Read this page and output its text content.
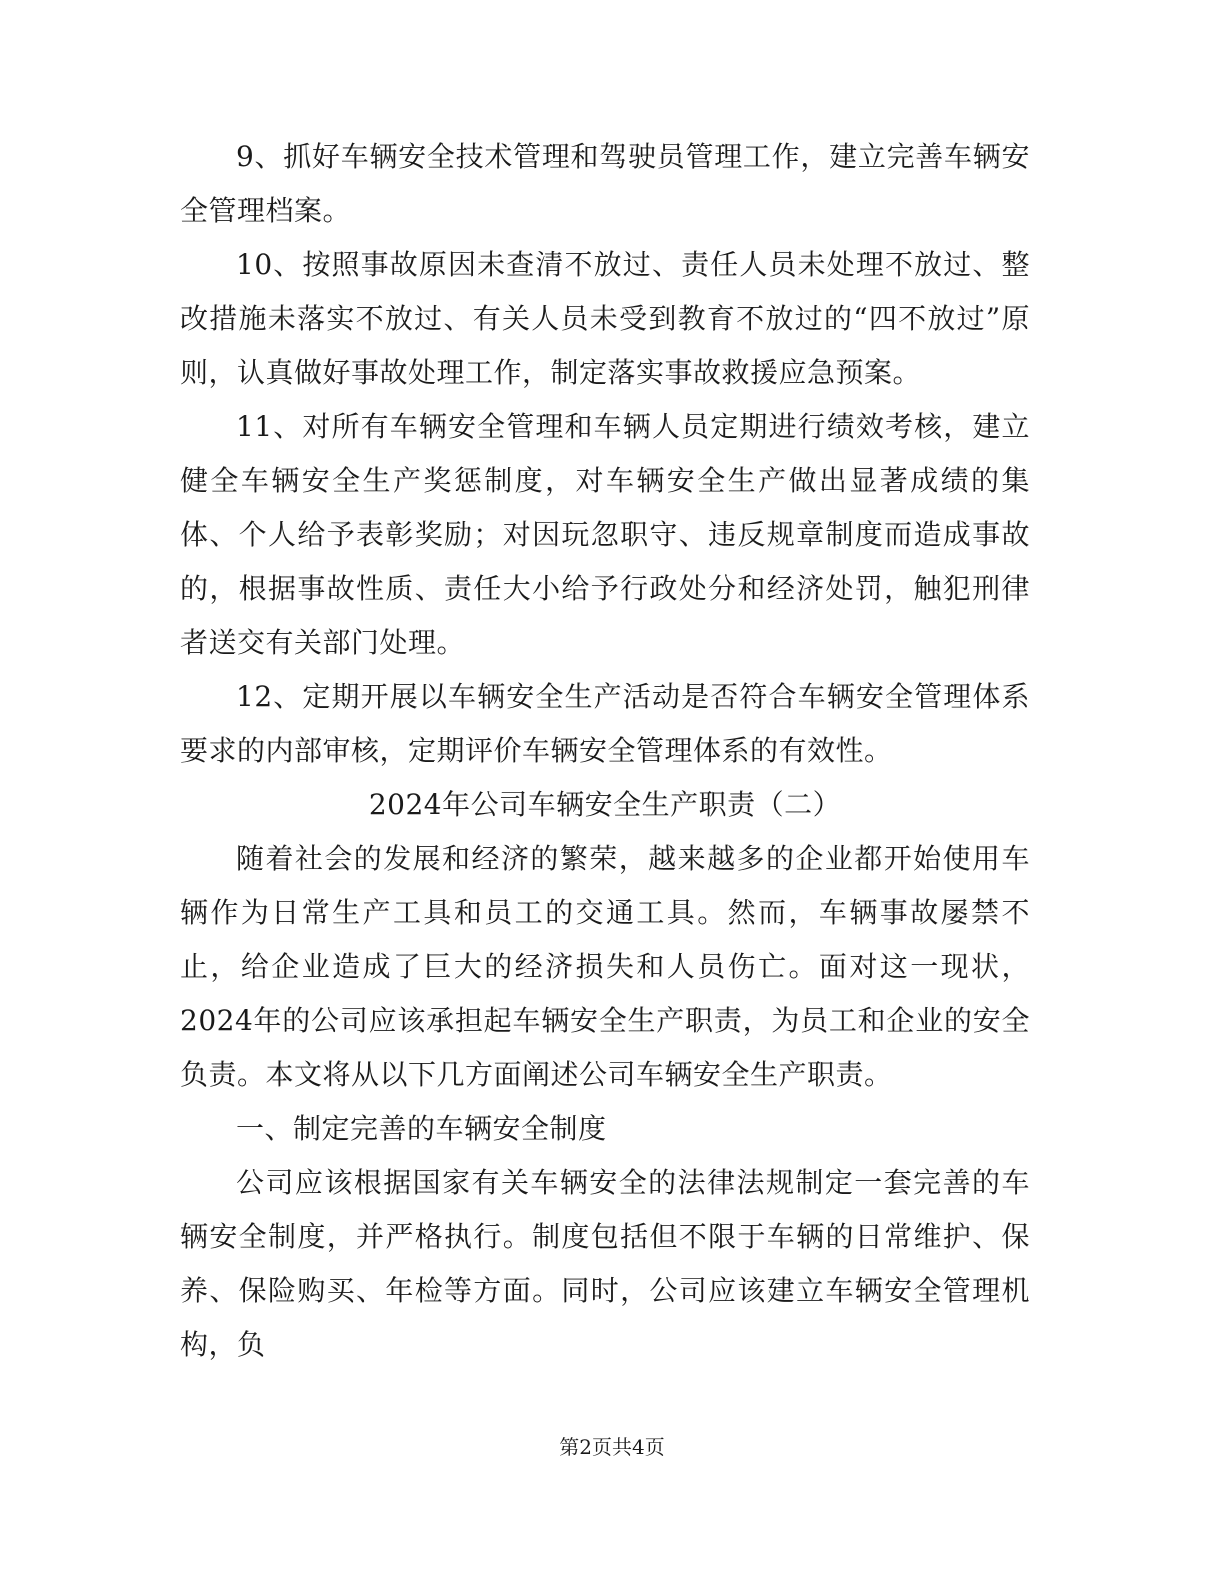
9、抓好车辆安全技术管理和驾驶员管理工作，建立完善车辆安全管理档案。

10、按照事故原因未查清不放过、责任人员未处理不放过、整改措施未落实不放过、有关人员未受到教育不放过的“四不放过”原则，认真做好事故处理工作，制定落实事故救援应急预案。

11、对所有车辆安全管理和车辆人员定期进行绩效考核，建立健全车辆安全生产奖惩制度，对车辆安全生产做出显著成绩的集体、个人给予表彰奖励；对因玩忽职守、违反规章制度而造成事故的，根据事故性质、责任大小给予行政处分和经济处罚，触犯刑律者送交有关部门处理。

12、定期开展以车辆安全生产活动是否符合车辆安全管理体系要求的内部审核，定期评价车辆安全管理体系的有效性。

2024年公司车辆安全生产职责（二）

随着社会的发展和经济的繁荣，越来越多的企业都开始使用车辆作为日常生产工具和员工的交通工具。然而，车辆事故屡禁不止，给企业造成了巨大的经济损失和人员伤亡。面对这一现状，2024年的公司应该承担起车辆安全生产职责，为员工和企业的安全负责。本文将从以下几方面阐述公司车辆安全生产职责。

一、制定完善的车辆安全制度

公司应该根据国家有关车辆安全的法律法规制定一套完善的车辆安全制度，并严格执行。制度包括但不限于车辆的日常维护、保养、保险购买、年检等方面。同时，公司应该建立车辆安全管理机构，负

第2页共4页
